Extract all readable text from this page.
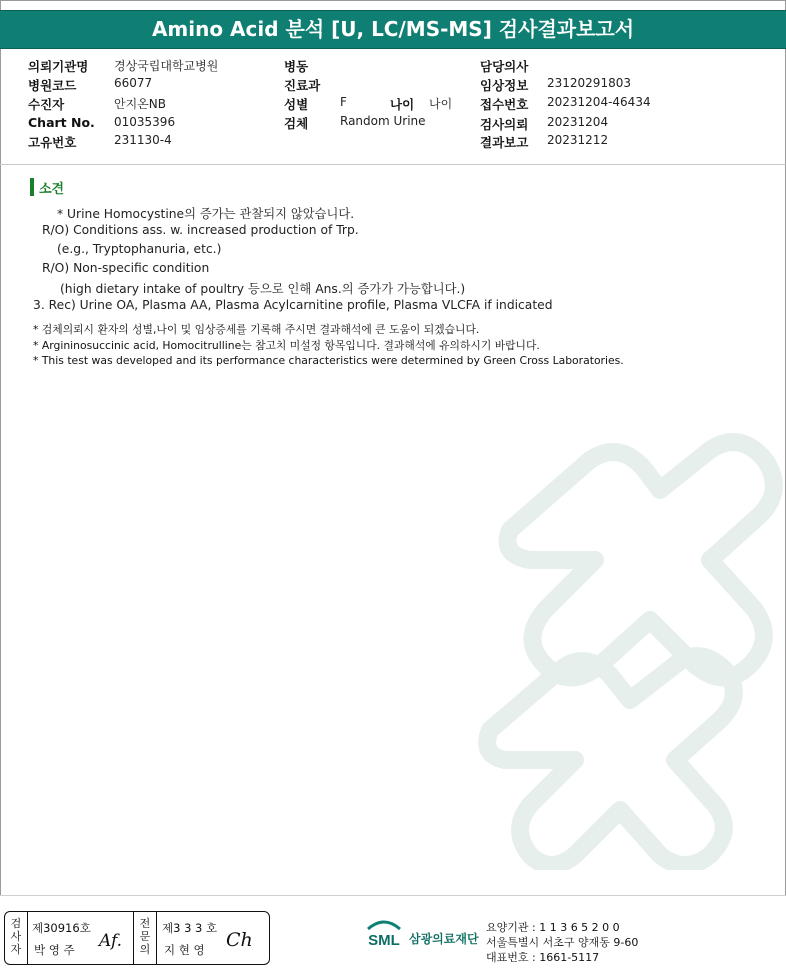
Amino Acid 분석 [U, LC/MS-MS] 검사결과보고서
의뢰기관명 경상국립대학교병원
병원코드	66077
수진자	안지온NB
Chart No. 01035396
고유번호	231130-4
병동
진료과
성별	F	나이 나이
검체	Random Urine
담당의사
임상정보 23120291803
접수번호 20231204-46434
검사의뢰 20231204
결과보고 20231212
소견
* Urine Homocystine의 증가는 관찰되지 않았습니다.
R/O) Conditions ass. w. increased production of Trp.
(e.g., Tryptophanuria, etc.)
R/O) Non-specific condition
(high dietary intake of poultry 등으로 인해 Ans.의 증가가 가능합니다.)
3. Rec) Urine OA, Plasma AA, Plasma Acylcarnitine profile, Plasma VLCFA if indicated
* 검체의뢰시 환자의 성별,나이 및 임상증세를 기록해 주시면 결과해석에 큰 도움이 되겠습니다.
* Argininosuccinic acid, Homocitrulline는 참고치 미설정 항목입니다. 결과해석에 유의하시기 바랍니다.
* This test was developed and its performance characteristics were determined by Green Cross Laboratories.
검사자
제30916호
박 영 주 Af.
전문의
제3 3 3 호
지 현 영 Ch	SML 삼광의료재단
요양기관 : 1 1 3 6 5 2 0 0
서울특별시 서초구 양재동 9-60
대표번호 : 1661-5117
